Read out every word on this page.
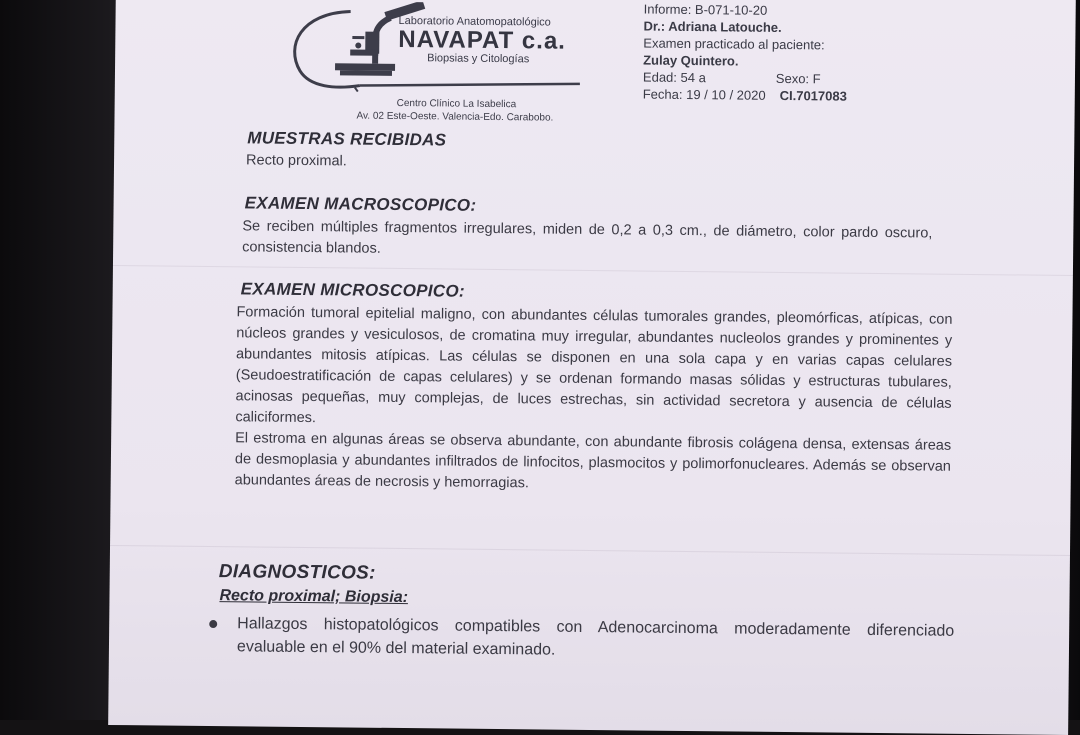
Laboratorio Anatomopatológico
NAVAPAT c.a.
Biopsias y Citologías
Centro Clínico La Isabelica
Av. 02 Este-Oeste. Valencia-Edo. Carabobo.
Informe: B-071-10-20
Dr.: Adriana Latouche.
Examen practicado al paciente:
Zulay Quintero.
Edad: 54 a	Sexo: F
Fecha: 19 / 10 / 2020 CI.7017083
MUESTRAS RECIBIDAS
Recto proximal.
EXAMEN MACROSCOPICO:
Se reciben múltiples fragmentos irregulares, miden de 0,2 a 0,3 cm., de diámetro, color pardo oscuro, consistencia blandos.
EXAMEN MICROSCOPICO:

Formación tumoral epitelial maligno, con abundantes células tumorales grandes, pleomórficas, atípicas, con núcleos grandes y vesiculosos, de cromatina muy irregular, abundantes nucleolos grandes y prominentes y abundantes mitosis atípicas. Las células se disponen en una sola capa y en varias capas celulares (Seudoestratificación de capas celulares) y se ordenan formando masas sólidas y estructuras tubulares, acinosas pequeñas, muy complejas, de luces estrechas, sin actividad secretora y ausencia de células caliciformes.

El estroma en algunas áreas se observa abundante, con abundante fibrosis colágena densa, extensas áreas de desmoplasia y abundantes infiltrados de linfocitos, plasmocitos y polimorfonucleares. Además se observan abundantes áreas de necrosis y hemorragias.

DIAGNOSTICOS:
Recto proximal; Biopsia:
Hallazgos histopatológicos compatibles con Adenocarcinoma moderadamente diferenciado evaluable en el 90% del material examinado.
